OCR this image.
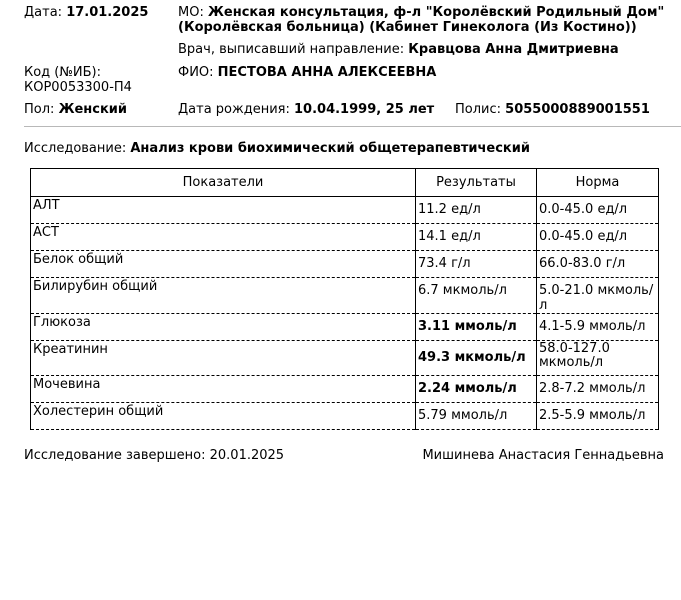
Дата: 17.01.2025 МО: Женская консультация, ф-л "Королёвский Родильный Дом"
(Королёвская больница) (Кабинет Гинеколога (Из Костино))
Врач, выписавший направление: Кравцова Анна Дмитриевна
Код (№ИБ):
КОР0053300-П4
ФИО: ПЕСТОВА АННА АЛЕКСЕЕВНА
Пол: Женский	Дата рождения: 10.04.1999, 25 лет Полис: 5055000889001551
Исследование: Анализ крови биохимический общетерапевтический
Показатели	Результаты	Норма
АЛТ	11.2 ед/л	0.0-45.0 ед/л
АСТ	14.1 ед/л	0.0-45.0 ед/л
Белок общий	73.4 г/л	66.0-83.0 г/л
Билирубин общий	6.7 мкмоль/л	5.0-21.0 мкмоль/л
Глюкоза	3.11 ммоль/л	4.1-5.9 ммоль/л
Креатинин	49.3 мкмоль/л	58.0-127.0
мкмоль/л

Мочевина	2.24 ммоль/л	2.8-7.2 ммоль/л
Холестерин общий	5.79 ммоль/л	2.5-5.9 ммоль/л
Исследование завершено: 20.01.2025	Мишинева Анастасия Геннадьевна
